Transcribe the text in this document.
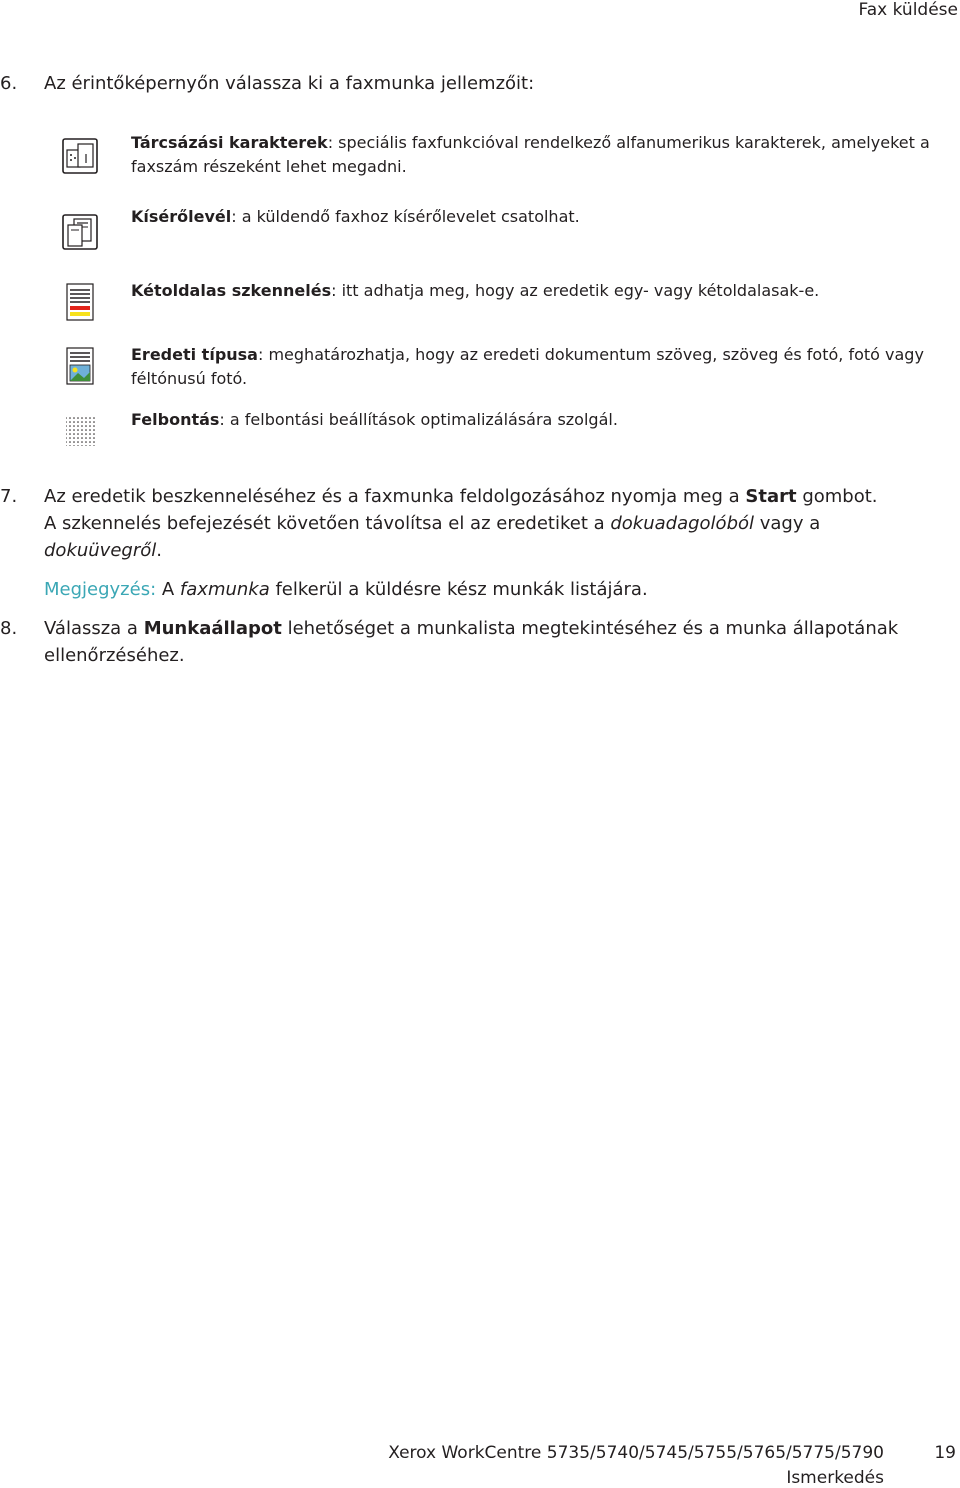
Fax küldése
6. Az érintőképernyőn válassza ki a faxmunka jellemzőit:
Tárcsázási karakterek: speciális faxfunkcióval rendelkező alfanumerikus karakterek, amelyeket a faxszám részeként lehet megadni.
Kísérőlevél: a küldendő faxhoz kísérőlevelet csatolhat.
Kétoldalas szkennelés: itt adhatja meg, hogy az eredetik egy- vagy kétoldalasak-e.
Eredeti típusa: meghatározhatja, hogy az eredeti dokumentum szöveg, szöveg és fotó, fotó vagy féltónusú fotó.
Felbontás: a felbontási beállítások optimalizálására szolgál.
7. Az eredetik beszkenneléséhez és a faxmunka feldolgozásához nyomja meg a Start gombot.
A szkennelés befejezését követően távolítsa el az eredetiket a dokuadagolóból vagy a
dokuüvegről.
Megjegyzés: A faxmunka felkerül a küldésre kész munkák listájára.
8. Válassza a Munkaállapot lehetőséget a munkalista megtekintéséhez és a munka állapotának
ellenőrzéséhez.
Xerox WorkCentre 5735/5740/5745/5755/5765/5775/5790	19
Ismerkedés
